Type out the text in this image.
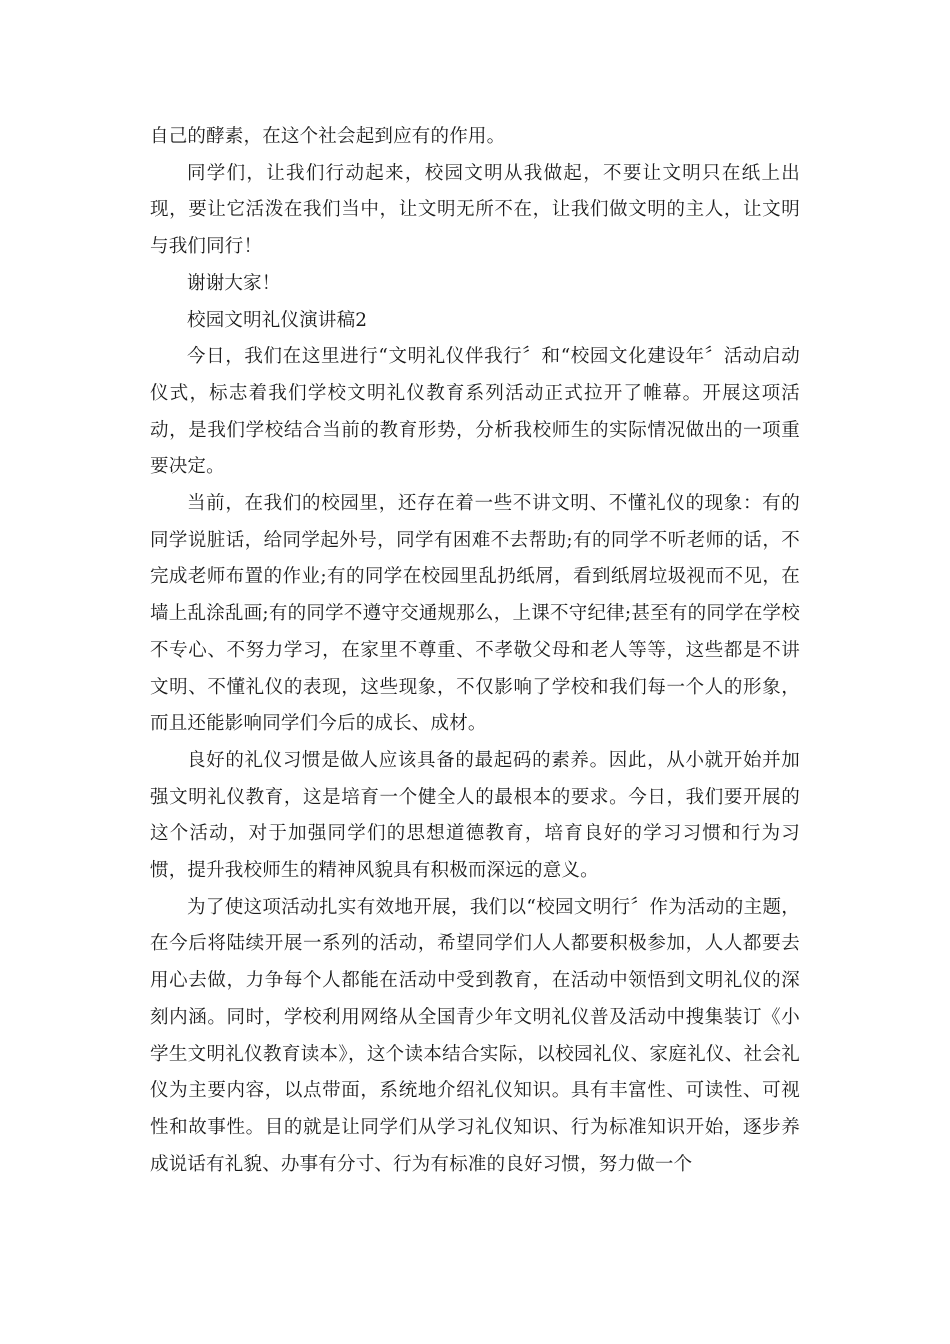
自己的酵素，在这个社会起到应有的作用。

同学们，让我们行动起来，校园文明从我做起，不要让文明只在纸上出现，要让它活泼在我们当中，让文明无所不在，让我们做文明的主人，让文明与我们同行！

谢谢大家！

校园文明礼仪演讲稿2

今日，我们在这里进行“文明礼仪伴我行〞和“校园文化建设年〞活动启动仪式，标志着我们学校文明礼仪教育系列活动正式拉开了帷幕。开展这项活动，是我们学校结合当前的教育形势，分析我校师生的实际情况做出的一项重要决定。

当前，在我们的校园里，还存在着一些不讲文明、不懂礼仪的现象：有的同学说脏话，给同学起外号，同学有困难不去帮助;有的同学不听老师的话，不完成老师布置的作业;有的同学在校园里乱扔纸屑，看到纸屑垃圾视而不见，在墙上乱涂乱画;有的同学不遵守交通规那么，上课不守纪律;甚至有的同学在学校不专心、不努力学习，在家里不尊重、不孝敬父母和老人等等，这些都是不讲文明、不懂礼仪的表现，这些现象，不仅影响了学校和我们每一个人的形象，而且还能影响同学们今后的成长、成材。

良好的礼仪习惯是做人应该具备的最起码的素养。因此，从小就开始并加强文明礼仪教育，这是培育一个健全人的最根本的要求。今日，我们要开展的这个活动，对于加强同学们的思想道德教育，培育良好的学习习惯和行为习惯，提升我校师生的精神风貌具有积极而深远的意义。

为了使这项活动扎实有效地开展，我们以“校园文明行〞作为活动的主题，在今后将陆续开展一系列的活动，希望同学们人人都要积极参加，人人都要去用心去做，力争每个人都能在活动中受到教育，在活动中领悟到文明礼仪的深刻内涵。同时，学校利用网络从全国青少年文明礼仪普及活动中搜集装订《小学生文明礼仪教育读本》，这个读本结合实际，以校园礼仪、家庭礼仪、社会礼仪为主要内容，以点带面，系统地介绍礼仪知识。具有丰富性、可读性、可视性和故事性。目的就是让同学们从学习礼仪知识、行为标准知识开始，逐步养成说话有礼貌、办事有分寸、行为有标准的良好习惯，努力做一个
